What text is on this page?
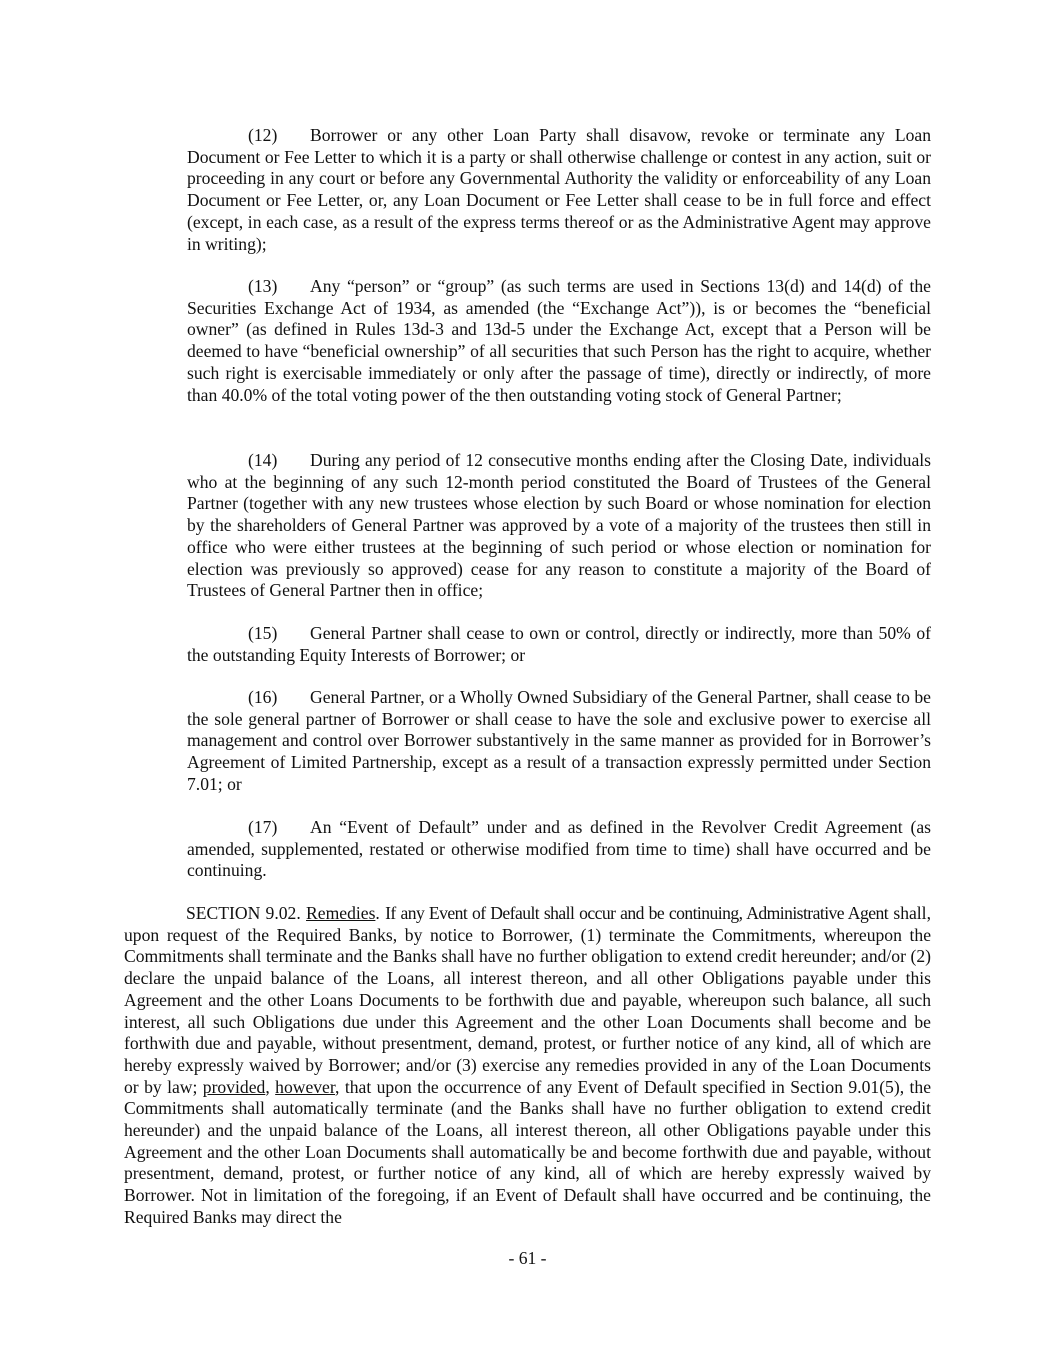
(12) Borrower or any other Loan Party shall disavow, revoke or terminate any Loan Document or Fee Letter to which it is a party or shall otherwise challenge or contest in any action, suit or proceeding in any court or before any Governmental Authority the validity or enforceability of any Loan Document or Fee Letter, or, any Loan Document or Fee Letter shall cease to be in full force and effect (except, in each case, as a result of the express terms thereof or as the Administrative Agent may approve in writing);

(13) Any “person” or “group” (as such terms are used in Sections 13(d) and 14(d) of the Securities Exchange Act of 1934, as amended (the “Exchange Act”)), is or becomes the “beneficial owner” (as defined in Rules 13d-3 and 13d-5 under the Exchange Act, except that a Person will be deemed to have “beneficial ownership” of all securities that such Person has the right to acquire, whether such right is exercisable immediately or only after the passage of time), directly or indirectly, of more than 40.0% of the total voting power of the then outstanding voting stock of General Partner;

(14) During any period of 12 consecutive months ending after the Closing Date, individuals who at the beginning of any such 12-month period constituted the Board of Trustees of the General Partner (together with any new trustees whose election by such Board or whose nomination for election by the shareholders of General Partner was approved by a vote of a majority of the trustees then still in office who were either trustees at the beginning of such period or whose election or nomination for election was previously so approved) cease for any reason to constitute a majority of the Board of Trustees of General Partner then in office;

(15) General Partner shall cease to own or control, directly or indirectly, more than 50% of the outstanding Equity Interests of Borrower; or

(16) General Partner, or a Wholly Owned Subsidiary of the General Partner, shall cease to be the sole general partner of Borrower or shall cease to have the sole and exclusive power to exercise all management and control over Borrower substantively in the same manner as provided for in Borrower’s Agreement of Limited Partnership, except as a result of a transaction expressly permitted under Section 7.01; or

(17) An “Event of Default” under and as defined in the Revolver Credit Agreement (as amended, supplemented, restated or otherwise modified from time to time) shall have occurred and be continuing.

SECTION 9.02. Remedies. If any Event of Default shall occur and be continuing, Administrative Agent shall, upon request of the Required Banks, by notice to Borrower, (1) terminate the Commitments, whereupon the Commitments shall terminate and the Banks shall have no further obligation to extend credit hereunder; and/or (2) declare the unpaid balance of the Loans, all interest thereon, and all other Obligations payable under this Agreement and the other Loans Documents to be forthwith due and payable, whereupon such balance, all such interest, all such Obligations due under this Agreement and the other Loan Documents shall become and be forthwith due and payable, without presentment, demand, protest, or further notice of any kind, all of which are hereby expressly waived by Borrower; and/or (3) exercise any remedies provided in any of the Loan Documents or by law; provided, however, that upon the occurrence of any Event of Default specified in Section 9.01(5), the Commitments shall automatically terminate (and the Banks shall have no further obligation to extend credit hereunder) and the unpaid balance of the Loans, all interest thereon, all other Obligations payable under this Agreement and the other Loan Documents shall automatically be and become forthwith due and payable, without presentment, demand, protest, or further notice of any kind, all of which are hereby expressly waived by Borrower. Not in limitation of the foregoing, if an Event of Default shall have occurred and be continuing, the Required Banks may direct the

- 61 -
